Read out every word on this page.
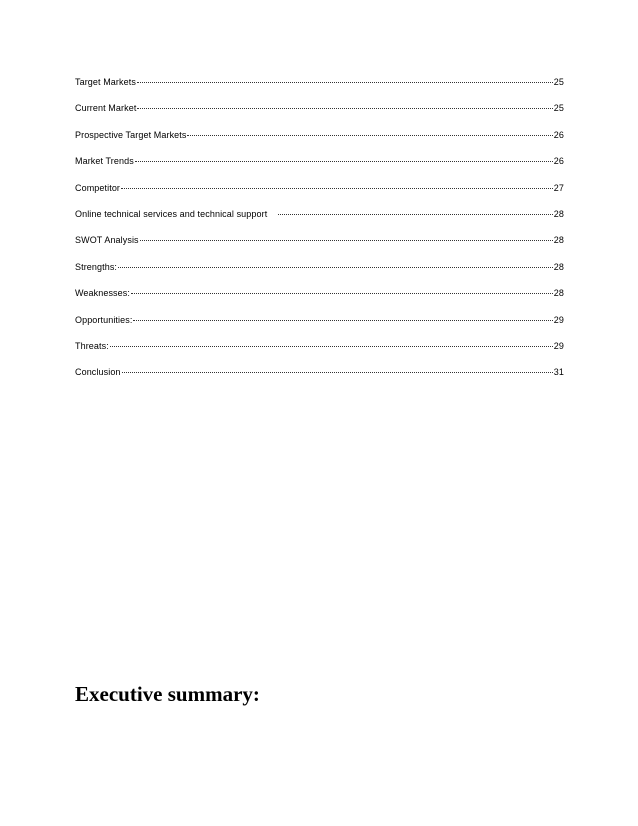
Target Markets	25
Current Market	25
Prospective Target Markets	26
Market Trends	26
Competitor	27
Online technical services and technical support	28
SWOT Analysis	28
Strengths:	28
Weaknesses:	28
Opportunities:	29
Threats:	29
Conclusion	31
Executive summary:
